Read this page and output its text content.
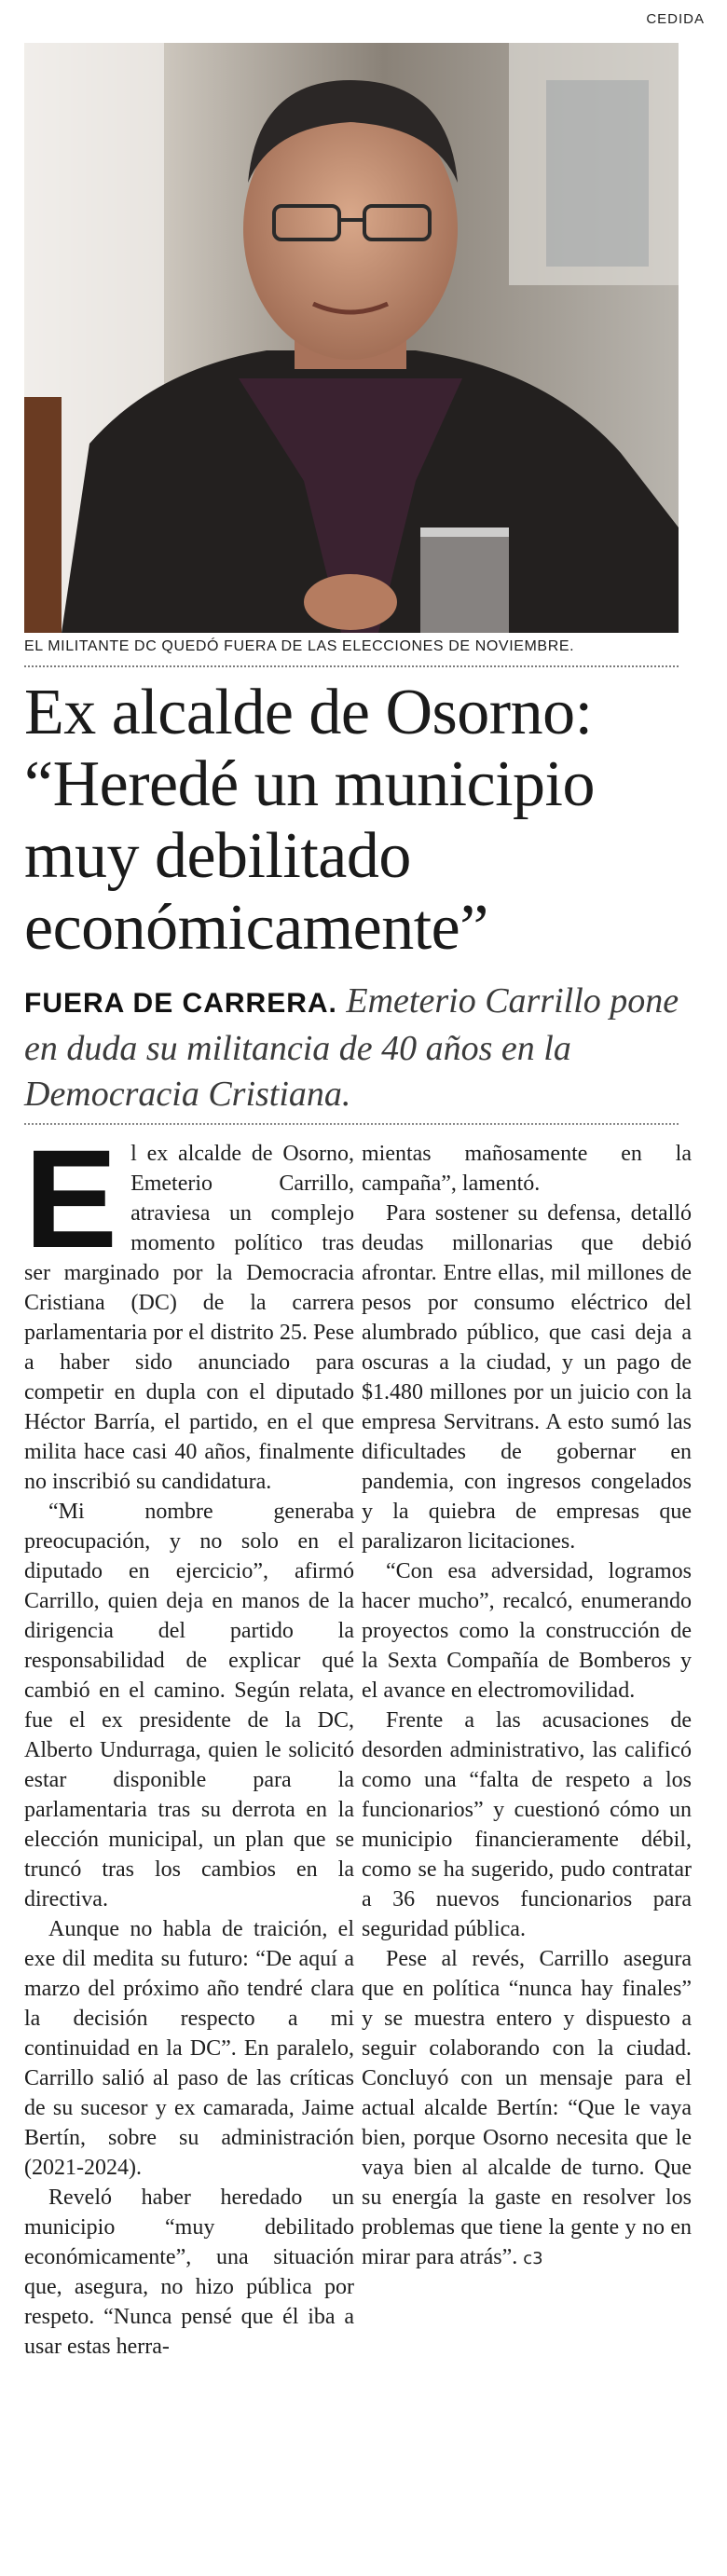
CEDIDA
EL MILITANTE DC QUEDÓ FUERA DE LAS ELECCIONES DE NOVIEMBRE.
Ex alcalde de Osorno: “Heredé un municipio muy debilitado económicamente”
FUERA DE CARRERA. Emeterio Carrillo pone en duda su militancia de 40 años en la Democracia Cristiana.

El ex alcalde de Osorno, Emeterio Carrillo, atraviesa un complejo momento político tras ser marginado por la Democracia Cristiana (DC) de la carrera parlamentaria por el distrito 25. Pese a haber sido anunciado para competir en dupla con el diputado Héctor Barría, el partido, en el que milita hace casi 40 años, finalmente no inscribió su candidatura.

“Mi nombre generaba preocupación, y no solo en el diputado en ejercicio”, afirmó Carrillo, quien deja en manos de la dirigencia del partido la responsabilidad de explicar qué cambió en el camino. Según relata, fue el ex presidente de la DC, Alberto Undurraga, quien le solicitó estar disponible para la parlamentaria tras su derrota en la elección municipal, un plan que se truncó tras los cambios en la directiva.

Aunque no habla de traición, el exe dil medita su futuro: “De aquí a marzo del próximo año tendré clara la decisión respecto a mi continuidad en la DC”. En paralelo, Carrillo salió al paso de las críticas de su sucesor y ex camarada, Jaime Bertín, sobre su administración (2021-2024).

Reveló haber heredado un municipio “muy debilitado económicamente”, una situación que, asegura, no hizo pública por respeto. “Nunca pensé que él iba a usar estas herra-

mientas mañosamente en la campaña”, lamentó.

Para sostener su defensa, detalló deudas millonarias que debió afrontar. Entre ellas, mil millones de pesos por consumo eléctrico del alumbrado público, que casi deja a oscuras a la ciudad, y un pago de $1.480 millones por un juicio con la empresa Servitrans. A esto sumó las dificultades de gobernar en pandemia, con ingresos congelados y la quiebra de empresas que paralizaron licitaciones.

“Con esa adversidad, logramos hacer mucho”, recalcó, enumerando proyectos como la construcción de la Sexta Compañía de Bomberos y el avance en electromovilidad.

Frente a las acusaciones de desorden administrativo, las calificó como una “falta de respeto a los funcionarios” y cuestionó cómo un municipio financieramente débil, como se ha sugerido, pudo contratar a 36 nuevos funcionarios para seguridad pública.

Pese al revés, Carrillo asegura que en política “nunca hay finales” y se muestra entero y dispuesto a seguir colaborando con la ciudad. Concluyó con un mensaje para el actual alcalde Bertín: “Que le vaya bien, porque Osorno necesita que le vaya bien al alcalde de turno. Que su energía la gaste en resolver los problemas que tiene la gente y no en mirar para atrás”. ᴄ3
